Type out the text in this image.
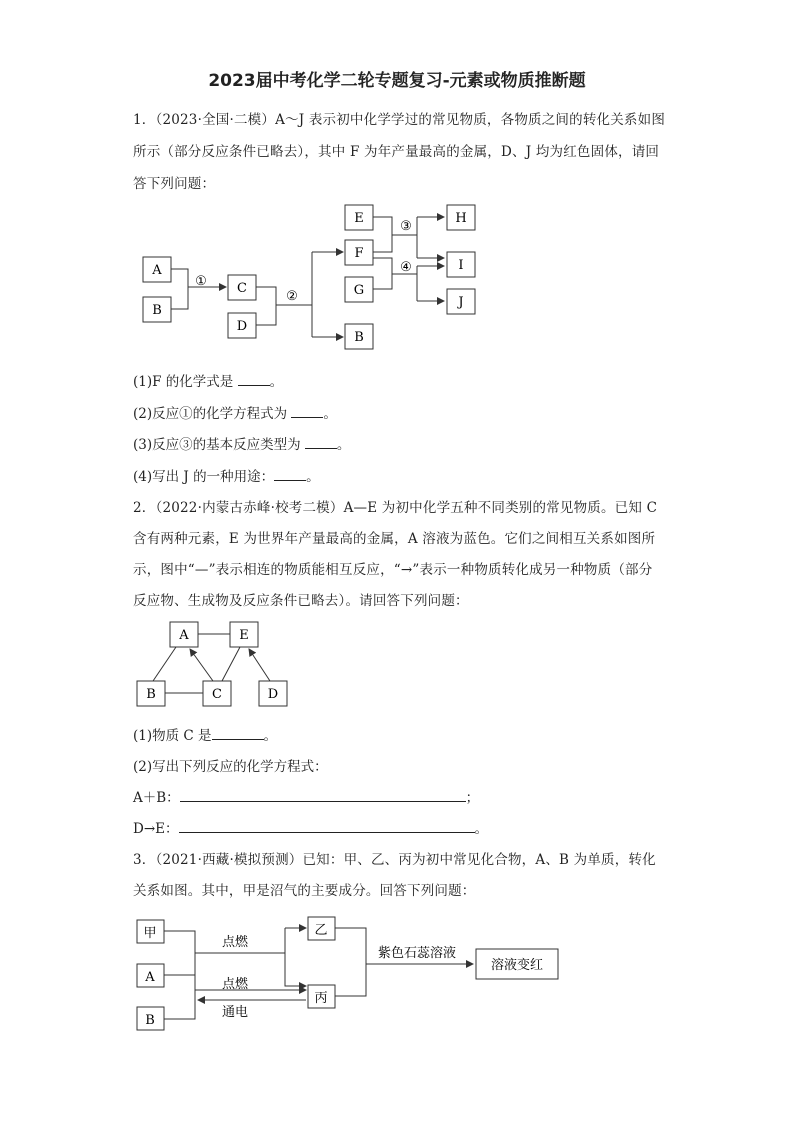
2023届中考化学二轮专题复习-元素或物质推断题
1．（2023·全国·二模）A～J 表示初中化学学过的常见物质，各物质之间的转化关系如图
所示（部分反应条件已略去），其中 F 为年产量最高的金属，D、J 均为红色固体，请回
答下列问题：
A
B
① C
D
②
B
E
F
G
③
④
H
I
J
(1)F 的化学式是	。
(2)反应①的化学方程式为	。
(3)反应③的基本反应类型为	。
(4)写出 J 的一种用途： 。
2．（2022·内蒙古赤峰·校考二模）A—E 为初中化学五种不同类别的常见物质。已知 C
含有两种元素，E 为世界年产量最高的金属，A 溶液为蓝色。它们之间相互关系如图所
示，图中“—”表示相连的物质能相互反应，“→”表示一种物质转化成另一种物质（部分
反应物、生成物及反应条件已略去）。请回答下列问题：
A	E
B	C	D
(1)物质 C 是	。
(2)写出下列反应的化学方程式：
A＋B：	；
D→E：	。
3．（2021·西藏·模拟预测）已知：甲、乙、丙为初中常见化合物，A、B 为单质，转化
关系如图。其中，甲是沼气的主要成分。回答下列问题：
甲
A
B
点燃
点燃
通电
乙
丙
紫色石蕊溶液
溶液变红
